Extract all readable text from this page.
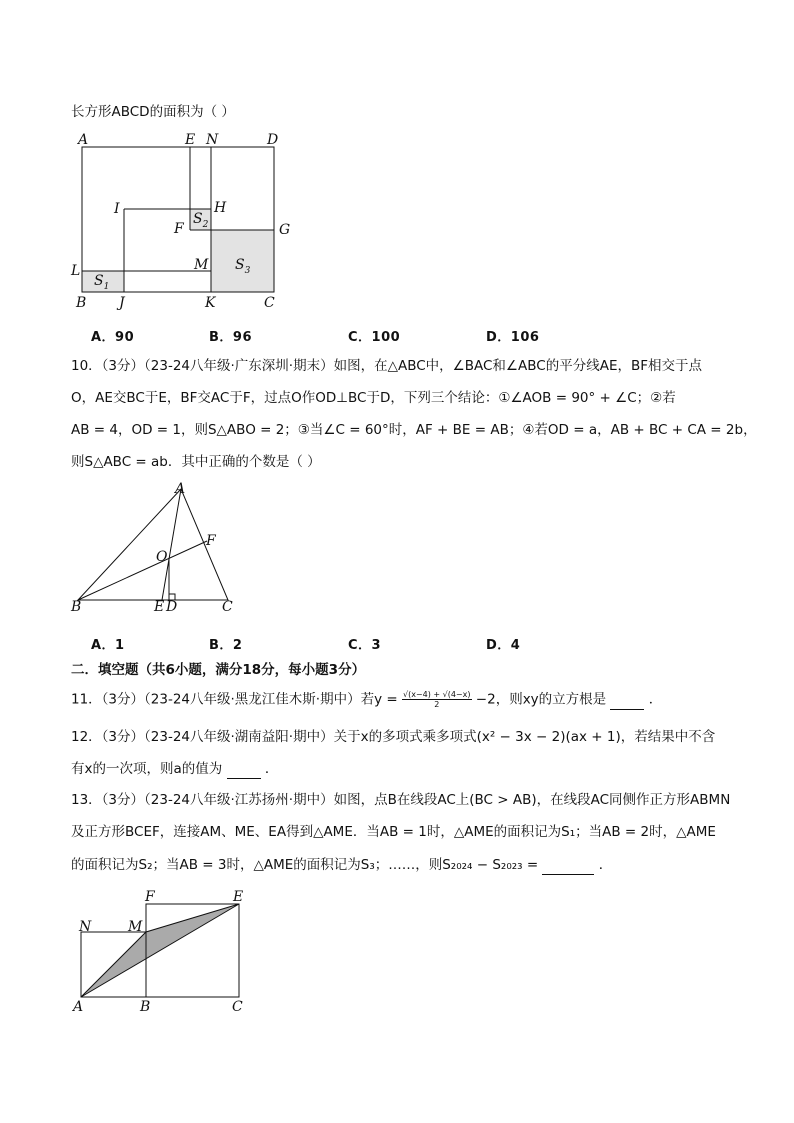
长方形ABCD的面积为（ ）
A	E N	D
I	H
F	G
L	M
B J	K	C
$S_1$
$S_2$
$S_3$
A．90	B．96	C．100	D．106
10．（3分）（23-24八年级·广东深圳·期末）如图，在△ABC中，∠BAC和∠ABC的平分线AE，BF相交于点
O，AE交BC于E，BF交AC于F，过点O作OD⊥BC于D，下列三个结论：①∠AOB = 90° + ∠C；②若
AB = 4，OD = 1，则S△ABO = 2；③当∠C = 60°时，AF + BE = AB；④若OD = a，AB + BC + CA = 2b，
则S△ABC = ab．其中正确的个数是（ ）
A
O
F
B	E D	C
A．1	B．2	C．3	D．4
二．填空题（共6小题，满分18分，每小题3分）
11．（3分）（23-24八年级·黑龙江佳木斯·期中）若$y = \frac{√(x-4) + √(4-x)}{2} -2$，则xy的立方根是	．
12．（3分）（23-24八年级·湖南益阳·期中）关于x的多项式乘多项式(x² − 3x − 2)(ax + 1)，若结果中不含
有x的一次项，则a的值为	．
13．（3分）（23-24八年级·江苏扬州·期中）如图，点B在线段AC上(BC > AB)，在线段AC同侧作正方形ABMN
及正方形BCEF，连接AM、ME、EA得到△AME．当AB = 1时，△AME的面积记为S₁；当AB = 2时，△AME
的面积记为S₂；当AB = 3时，△AME的面积记为S₃；……，则S₂₀₂₄ − S₂₀₂₃ =	．
N	M
F	E
A	B	C
